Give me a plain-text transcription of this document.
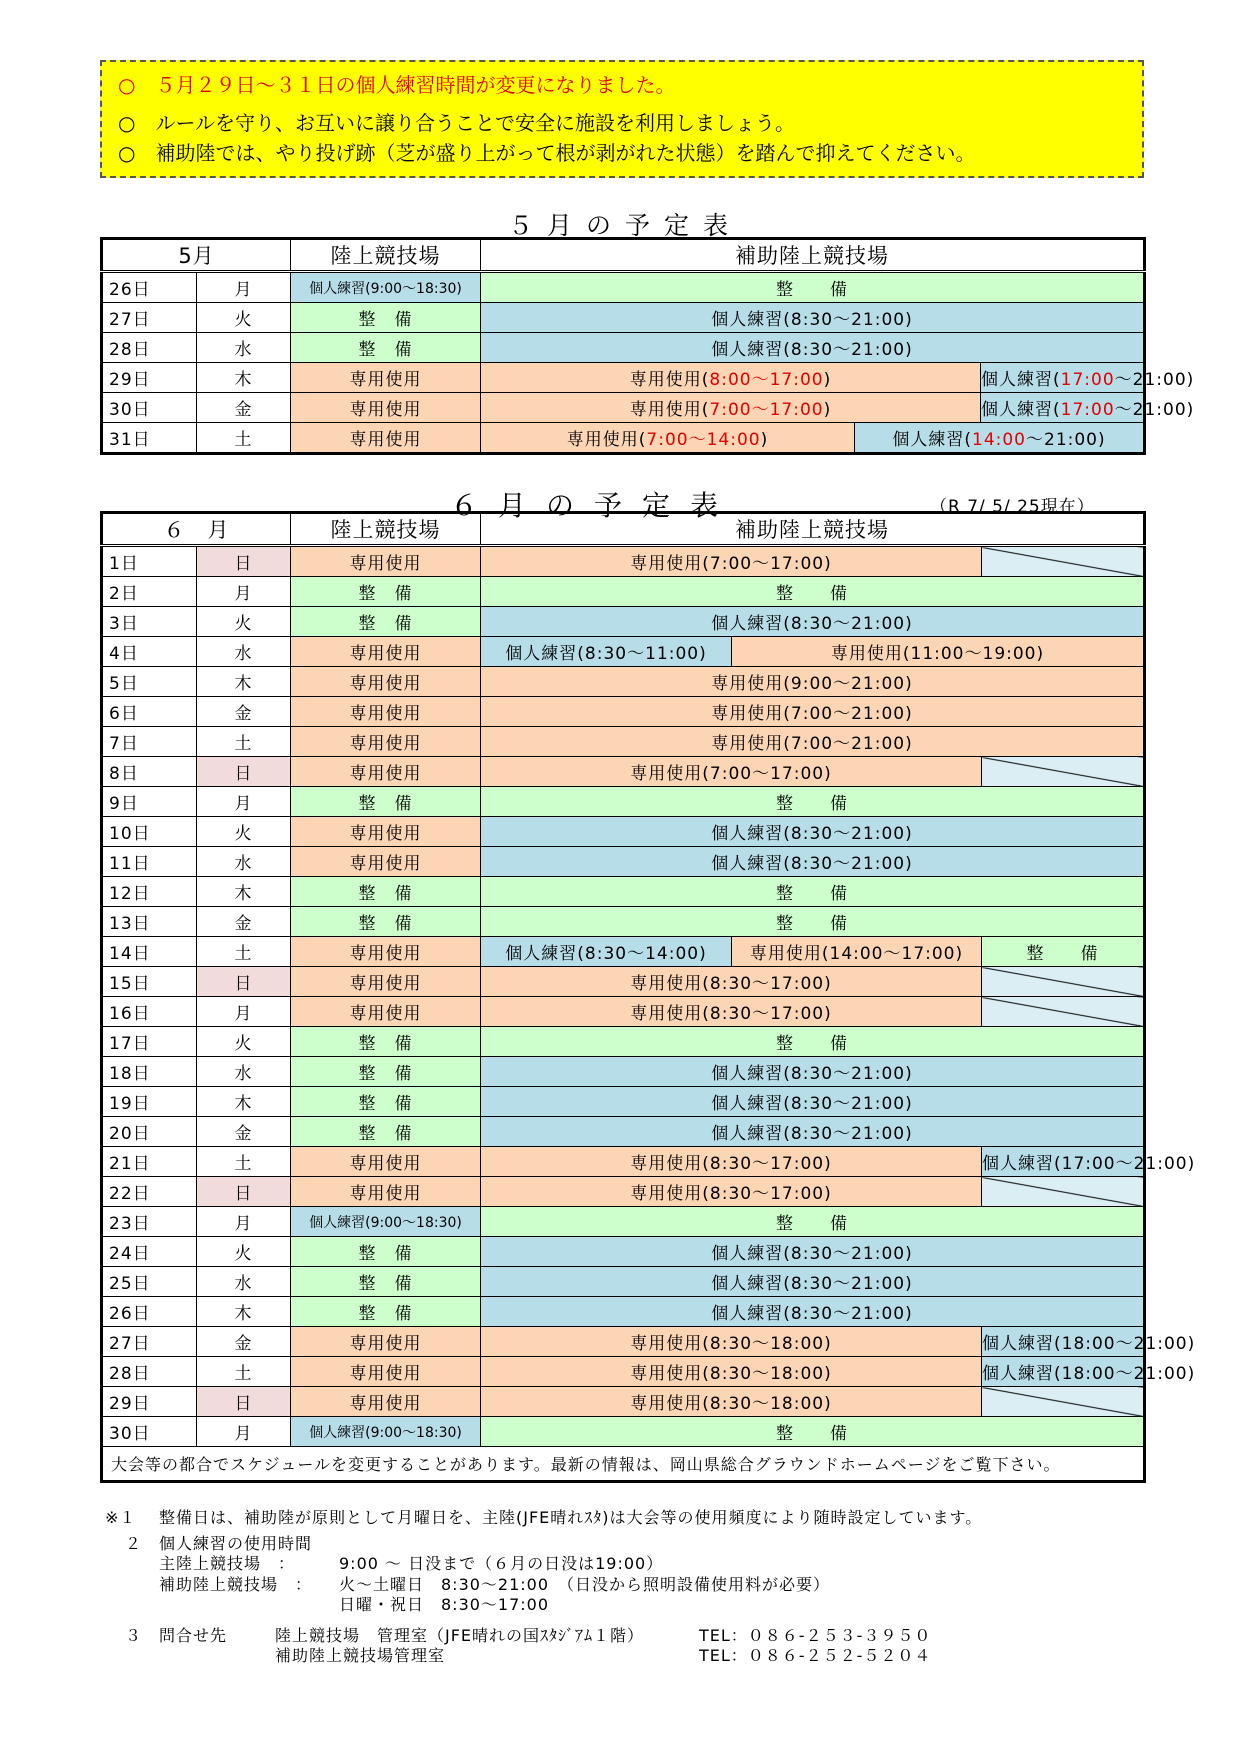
○　５月２９日～３１日の個人練習時間が変更になりました。
○　ルールを守り、お互いに譲り合うことで安全に施設を利用しましょう。
○　補助陸では、やり投げ跡（芝が盛り上がって根が剥がれた状態）を踏んで抑えてください。
５月の予定表
5月		陸上競技場	補助陸上競技場		
26日	月	個人練習(9:00～18:30)	整　　備		
27日	火	整　備	個人練習(8:30～21:00)		
28日	水	整　備	個人練習(8:30～21:00)		
29日	木	専用使用	専用使用(8:00～17:00)		個人練習(17:00～21:00)
30日	金	専用使用	専用使用(7:00～17:00)		個人練習(17:00～21:00)
31日	土	専用使用	専用使用(7:00～14:00)	個人練習(14:00～21:00)	
６月の予定表	（R 7/ 5/ 25現在）
６　月		陸上競技場	補助陸上競技場		
1日	日	専用使用	専用使用(7:00～17:00)		
2日	月	整　備	整　　備		
3日	火	整　備	個人練習(8:30～21:00)		
4日	水	専用使用	個人練習(8:30～11:00)	専用使用(11:00～19:00)	
5日	木	専用使用	専用使用(9:00～21:00)		
6日	金	専用使用	専用使用(7:00～21:00)		
7日	土	専用使用	専用使用(7:00～21:00)		
8日	日	専用使用	専用使用(7:00～17:00)		
9日	月	整　備	整　　備		
10日	火	専用使用	個人練習(8:30～21:00)		
11日	水	専用使用	個人練習(8:30～21:00)		
12日	木	整　備	整　　備		
13日	金	整　備	整　　備		
14日	土	専用使用	個人練習(8:30～14:00)	専用使用(14:00～17:00)	整　　備
15日	日	専用使用	専用使用(8:30～17:00)		
16日	月	専用使用	専用使用(8:30～17:00)		
17日	火	整　備	整　　備		
18日	水	整　備	個人練習(8:30～21:00)		
19日	木	整　備	個人練習(8:30～21:00)		
20日	金	整　備	個人練習(8:30～21:00)		
21日	土	専用使用	専用使用(8:30～17:00)		個人練習(17:00～21:00)
22日	日	専用使用	専用使用(8:30～17:00)		
23日	月	個人練習(9:00～18:30)	整　　備		
24日	火	整　備	個人練習(8:30～21:00)		
25日	水	整　備	個人練習(8:30～21:00)		
26日	木	整　備	個人練習(8:30～21:00)		
27日	金	専用使用	専用使用(8:30～18:00)		個人練習(18:00～21:00)
28日	土	専用使用	専用使用(8:30～18:00)		個人練習(18:00～21:00)
29日	日	専用使用	専用使用(8:30～18:00)		
30日	月	個人練習(9:00～18:30)	整　　備		
大会等の都合でスケジュールを変更することがあります。最新の情報は、岡山県総合グラウンドホームページをご覧下さい。					
※１ 整備日は、補助陸が原則として月曜日を、主陸(JFE晴れｽﾀ)は大会等の使用頻度により随時設定しています。
２ 個人練習の使用時間
主陸上競技場　：	9:00 ～ 日没まで（６月の日没は19:00）
補助陸上競技場　： 火～土曜日　8:30～21:00　（日没から照明設備使用料が必要）
日曜・祝日　8:30～17:00
３ 問合せ先	陸上競技場　管理室（JFE晴れの国ｽﾀｼﾞｱﾑ１階）	TEL：０８６-２５３-３９５０
補助陸上競技場管理室	TEL：０８６-２５２-５２０４
